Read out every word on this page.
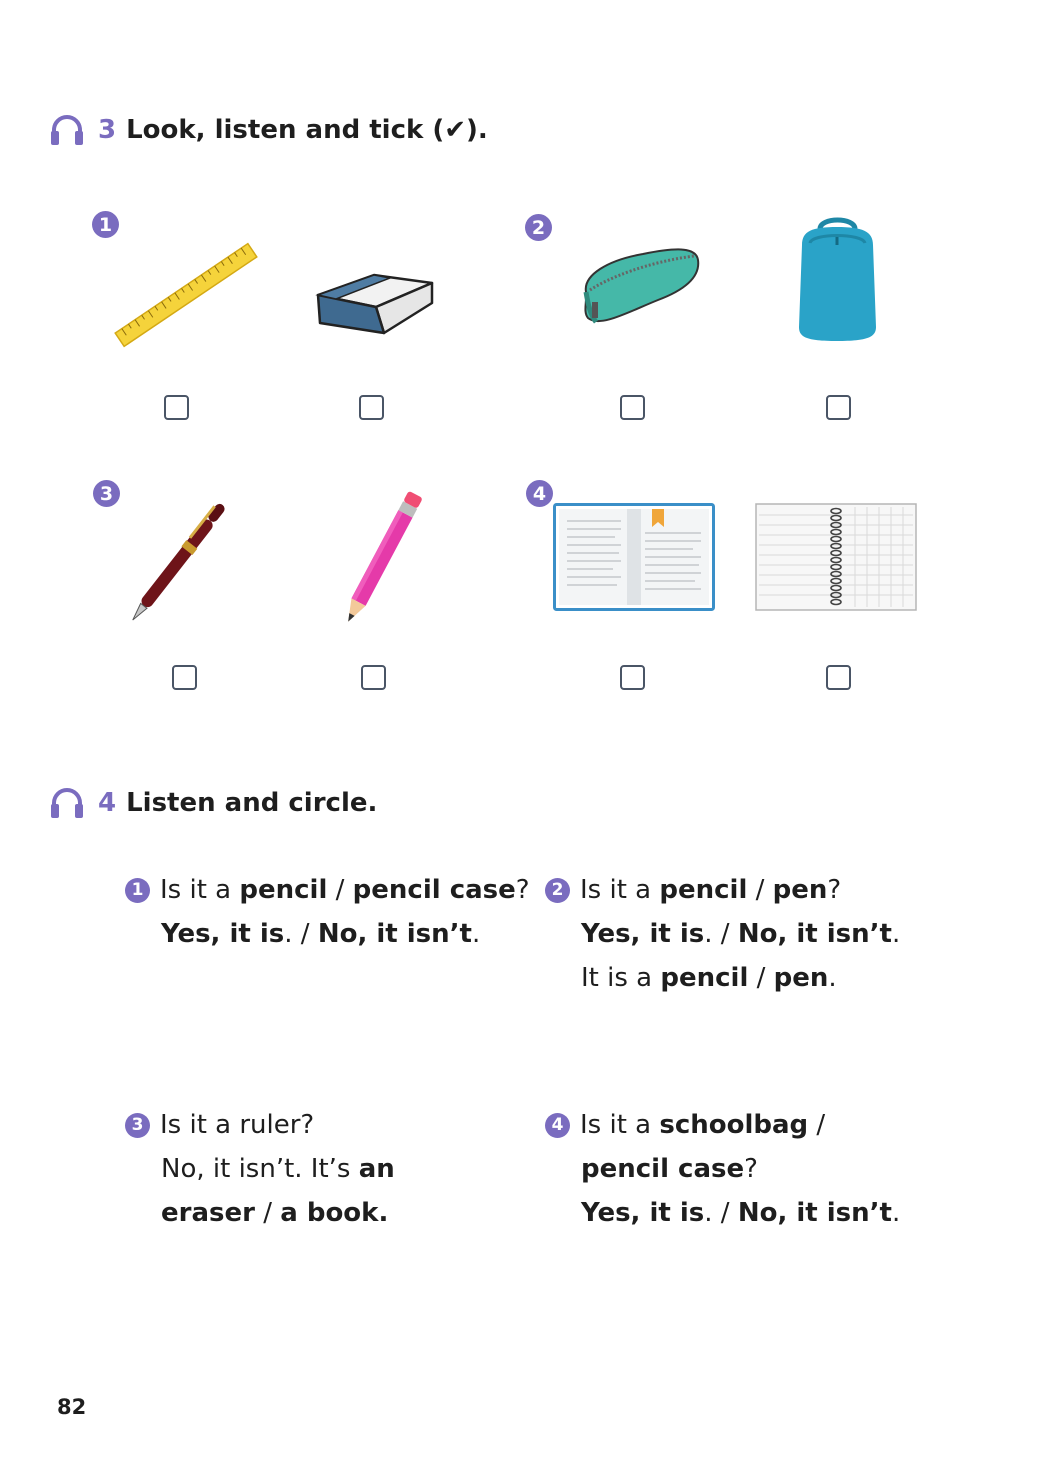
3 Look, listen and tick (✔).
1	2
3	4
4 Listen and circle.
1 Is it a pencil / pencil case?
Yes, it is. / No, it isn’t.
2 Is it a pencil / pen?
Yes, it is. / No, it isn’t.
It is a pencil / pen.
3 Is it a ruler?
No, it isn’t. It’s an
eraser / a book.
4 Is it a schoolbag /
pencil case?
Yes, it is. / No, it isn’t.
82
